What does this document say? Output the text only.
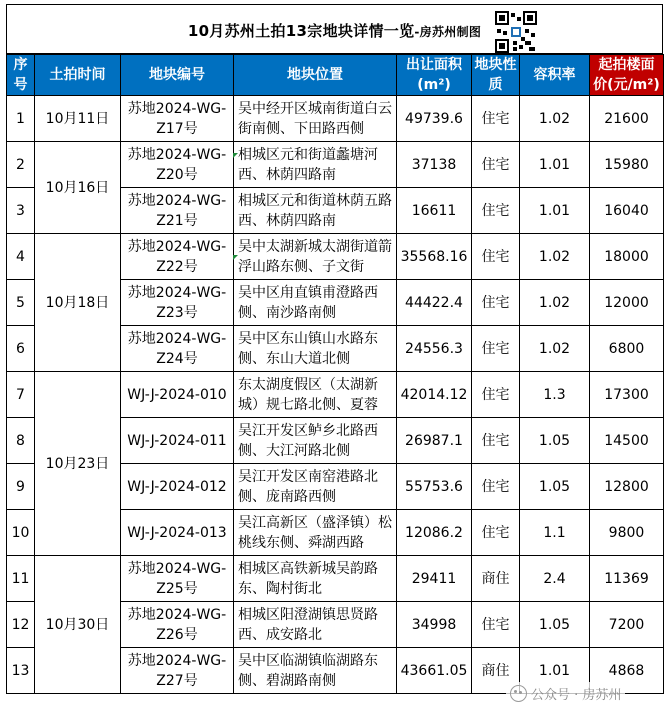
10月苏州土拍13宗地块详情一览-房苏州制图
序号	土拍时间	地块编号	地块位置	出让面积(m²)	地块性质	容积率	起拍楼面价(元/m²)
1	10月11日	苏地2024-WG-Z17号	吴中经开区城南街道白云街南侧、下田路西侧	49739.6	住宅	1.02	21600
2	10月16日	苏地2024-WG-Z20号	相城区元和街道蠡塘河西、林荫四路南	37138	住宅	1.01	15980
3		苏地2024-WG-Z21号	相城区元和街道林荫五路西、林荫四路南	16611	住宅	1.01	16040
4	10月18日	苏地2024-WG-Z22号	吴中太湖新城太湖街道箭浮山路东侧、子文街	35568.16	住宅	1.02	18000
5		苏地2024-WG-Z23号	吴中区甪直镇甫澄路西侧、南沙路南侧	44422.4	住宅	1.02	12000
6		苏地2024-WG-Z24号	吴中区东山镇山水路东侧、东山大道北侧	24556.3	住宅	1.02	6800
7	10月23日	WJ-J-2024-010	东太湖度假区（太湖新城）规七路北侧、夏蓉	42014.12	住宅	1.3	17300
8		WJ-J-2024-011	吴江开发区鲈乡北路西侧、大江河路北侧	26987.1	住宅	1.05	14500
9		WJ-J-2024-012	吴江开发区南窑港路北侧、庞南路西侧	55753.6	住宅	1.05	12800
10		WJ-J-2024-013	吴江高新区（盛泽镇）松桃线东侧、舜湖西路	12086.2	住宅	1.1	9800
11	10月30日	苏地2024-WG-Z25号	相城区高铁新城吴韵路东、陶村街北	29411	商住	2.4	11369
12		苏地2024-WG-Z26号	相城区阳澄湖镇思贤路西、成安路北	34998	住宅	1.05	7200
13		苏地2024-WG-Z27号	吴中区临湖镇临湖路东侧、碧湖路南侧	43661.05	商住	1.01	4868
公众号 · 房苏州
